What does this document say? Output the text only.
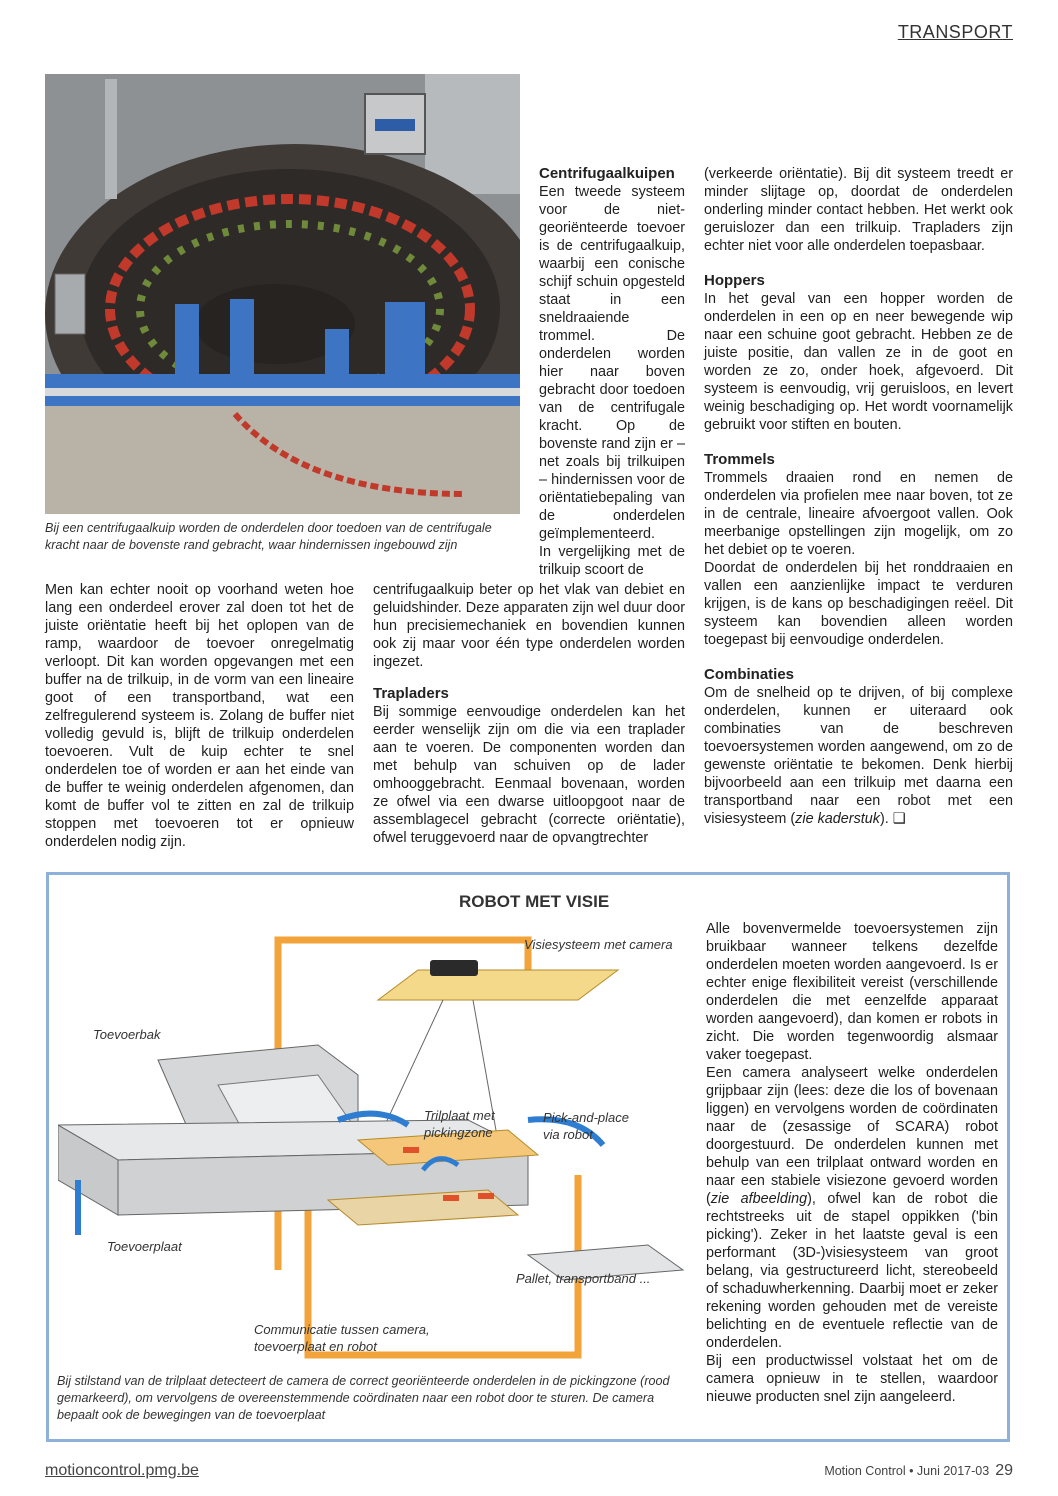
TRANSPORT
Bij een centrifugaalkuip worden de onderdelen door toedoen van de centrifugale kracht naar de bovenste rand gebracht, waar hindernissen ingebouwd zijn

Men kan echter nooit op voorhand weten hoe lang een onderdeel erover zal doen tot het de juiste oriëntatie heeft bij het oplopen van de ramp, waardoor de toevoer onregelmatig verloopt. Dit kan worden opgevangen met een buffer na de trilkuip, in de vorm van een lineaire goot of een transportband, wat een zelfregulerend systeem is. Zolang de buffer niet volledig gevuld is, blijft de trilkuip onderdelen toevoeren. Vult de kuip echter te snel onderdelen toe of worden er aan het einde van de buffer te weinig onderdelen afgenomen, dan komt de buffer vol te zitten en zal de trilkuip stoppen met toevoeren tot er opnieuw onderdelen nodig zijn.

Centrifugaalkuipen

Een tweede systeem voor de niet-georiënteerde toevoer is de centrifugaalkuip, waarbij een conische schijf schuin opgesteld staat in een sneldraaiende trommel. De onderdelen worden hier naar boven gebracht door toedoen van de centrifugale kracht. Op de bovenste rand zijn er – net zoals bij trilkuipen – hindernissen voor de oriëntatiebepaling van de onderdelen geïmplementeerd.

In vergelijking met de trilkuip scoort de

centrifugaalkuip beter op het vlak van debiet en geluidshinder. Deze apparaten zijn wel duur door hun precisiemechaniek en bovendien kunnen ook zij maar voor één type onderdelen worden ingezet.

Trapladers

Bij sommige eenvoudige onderdelen kan het eerder wenselijk zijn om die via een traplader aan te voeren. De componenten worden dan met behulp van schuiven op de lader omhooggebracht. Eenmaal bovenaan, worden ze ofwel via een dwarse uitloopgoot naar de assemblagecel gebracht (correcte oriëntatie), ofwel teruggevoerd naar de opvangtrechter

(verkeerde oriëntatie). Bij dit systeem treedt er minder slijtage op, doordat de onderdelen onderling minder contact hebben. Het werkt ook geruislozer dan een trilkuip. Trapladers zijn echter niet voor alle onderdelen toepasbaar.

Hoppers

In het geval van een hopper worden de onderdelen in een op en neer bewegende wip naar een schuine goot gebracht. Hebben ze de juiste positie, dan vallen ze in de goot en worden ze zo, onder hoek, afgevoerd. Dit systeem is eenvoudig, vrij geruisloos, en levert weinig beschadiging op. Het wordt voornamelijk gebruikt voor stiften en bouten.

Trommels

Trommels draaien rond en nemen de onderdelen via profielen mee naar boven, tot ze in de centrale, lineaire afvoergoot vallen. Ook meerbanige opstellingen zijn mogelijk, om zo het debiet op te voeren.

Doordat de onderdelen bij het ronddraaien en vallen een aanzienlijke impact te verduren krijgen, is de kans op beschadigingen reëel. Dit systeem kan bovendien alleen worden toegepast bij eenvoudige onderdelen.

Combinaties

Om de snelheid op te drijven, of bij complexe onderdelen, kunnen er uiteraard ook combinaties van de beschreven toevoersystemen worden aangewend, om zo de gewenste oriëntatie te bekomen. Denk hierbij bijvoorbeeld aan een trilkuip met daarna een transportband naar een robot met een visiesysteem (zie kaderstuk). ❑

ROBOT MET VISIE
Visiesysteem met camera
Toevoerbak
Trilplaat met pickingzone
Pick-and-place via robot
Toevoerplaat
Pallet, transportband ...
Communicatie tussen camera, toevoerplaat en robot
Bij stilstand van de trilplaat detecteert de camera de correct georiënteerde onderdelen in de pickingzone (rood gemarkeerd), om vervolgens de overeenstemmende coördinaten naar een robot door te sturen. De camera bepaalt ook de bewegingen van de toevoerplaat

Alle bovenvermelde toevoersystemen zijn bruikbaar wanneer telkens dezelfde onderdelen moeten worden aangevoerd. Is er echter enige flexibiliteit vereist (verschillende onderdelen die met eenzelfde apparaat worden aangevoerd), dan komen er robots in zicht. Die worden tegenwoordig alsmaar vaker toegepast.

Een camera analyseert welke onderdelen grijpbaar zijn (lees: deze die los of bovenaan liggen) en vervolgens worden de coördinaten naar de (zesassige of SCARA) robot doorgestuurd. De onderdelen kunnen met behulp van een trilplaat ontward worden en naar een stabiele visiezone gevoerd worden (zie afbeelding), ofwel kan de robot die rechtstreeks uit de stapel oppikken ('bin picking'). Zeker in het laatste geval is een performant (3D-)visiesysteem van groot belang, via gestructureerd licht, stereobeeld of schaduwherkenning. Daarbij moet er zeker rekening worden gehouden met de vereiste belichting en de eventuele reflectie van de onderdelen.

Bij een productwissel volstaat het om de camera opnieuw in te stellen, waardoor nieuwe producten snel zijn aangeleerd.

motioncontrol.pmg.be	Motion Control • Juni 2017-03 29
